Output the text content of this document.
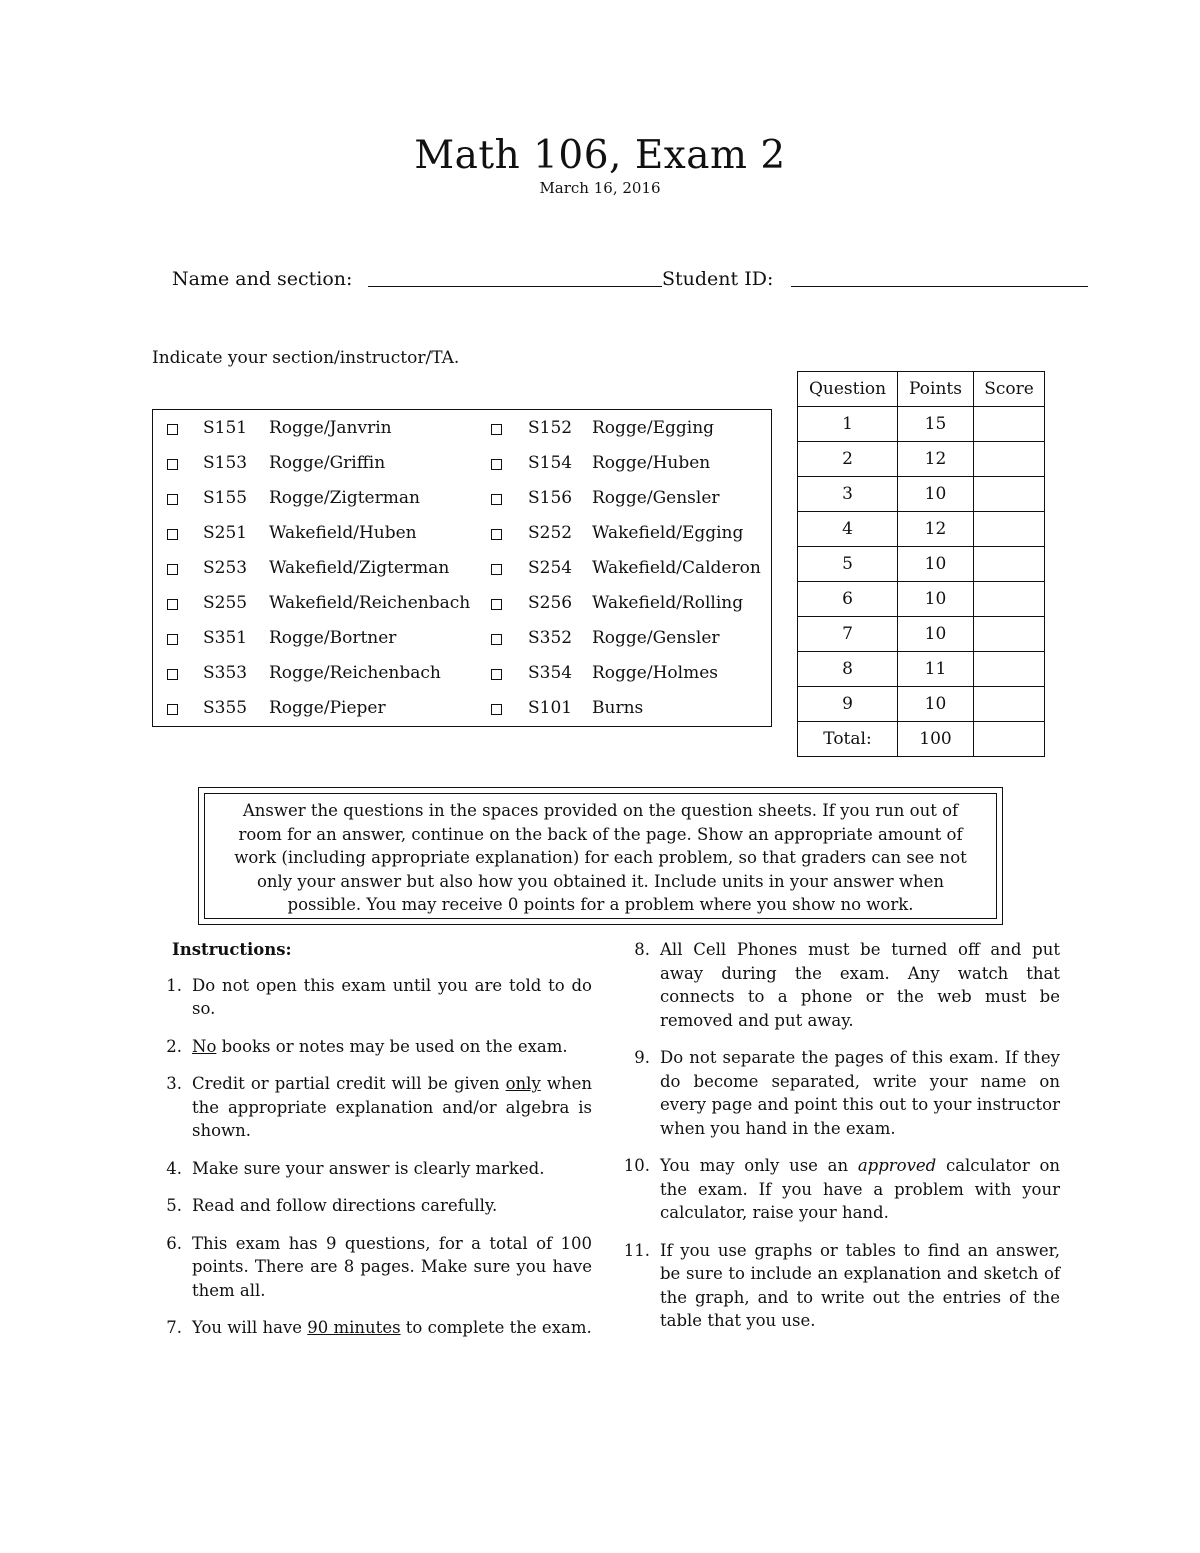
Math 106, Exam 2
March 16, 2016
Name and section:	Student ID:
Indicate your section/instructor/TA.
S151 Rogge/Janvrin	S152 Rogge/Egging
S153 Rogge/Griffin	S154 Rogge/Huben
S155 Rogge/Zigterman	S156 Rogge/Gensler
S251 Wakefield/Huben	S252 Wakefield/Egging
S253 Wakefield/Zigterman	S254 Wakefield/Calderon
S255 Wakefield/Reichenbach	S256 Wakefield/Rolling
S351 Rogge/Bortner	S352 Rogge/Gensler
S353 Rogge/Reichenbach	S354 Rogge/Holmes
S355 Rogge/Pieper	S101 Burns
Question	Points	Score
1	15	
2	12	
3	10	
4	12	
5	10	
6	10	
7	10	
8	11	
9	10	
Total:	100	
Answer the questions in the spaces provided on the question sheets. If you run out of room for an answer, continue on the back of the page. Show an appropriate amount of work (including appropriate explanation) for each problem, so that graders can see not only your answer but also how you obtained it. Include units in your answer when possible. You may receive 0 points for a problem where you show no work.
Instructions:
1. Do not open this exam until you are told to do so.
2. No books or notes may be used on the exam.
3. Credit or partial credit will be given only when the appropriate explanation and/or algebra is shown.
4. Make sure your answer is clearly marked.
5. Read and follow directions carefully.
6. This exam has 9 questions, for a total of 100 points. There are 8 pages. Make sure you have them all.
7. You will have 90 minutes to complete the exam.
8. All Cell Phones must be turned off and put away during the exam. Any watch that connects to a phone or the web must be removed and put away.
9. Do not separate the pages of this exam. If they do become separated, write your name on every page and point this out to your instructor when you hand in the exam.
10. You may only use an approved calculator on the exam. If you have a problem with your calculator, raise your hand.
11. If you use graphs or tables to find an answer, be sure to include an explanation and sketch of the graph, and to write out the entries of the table that you use.
